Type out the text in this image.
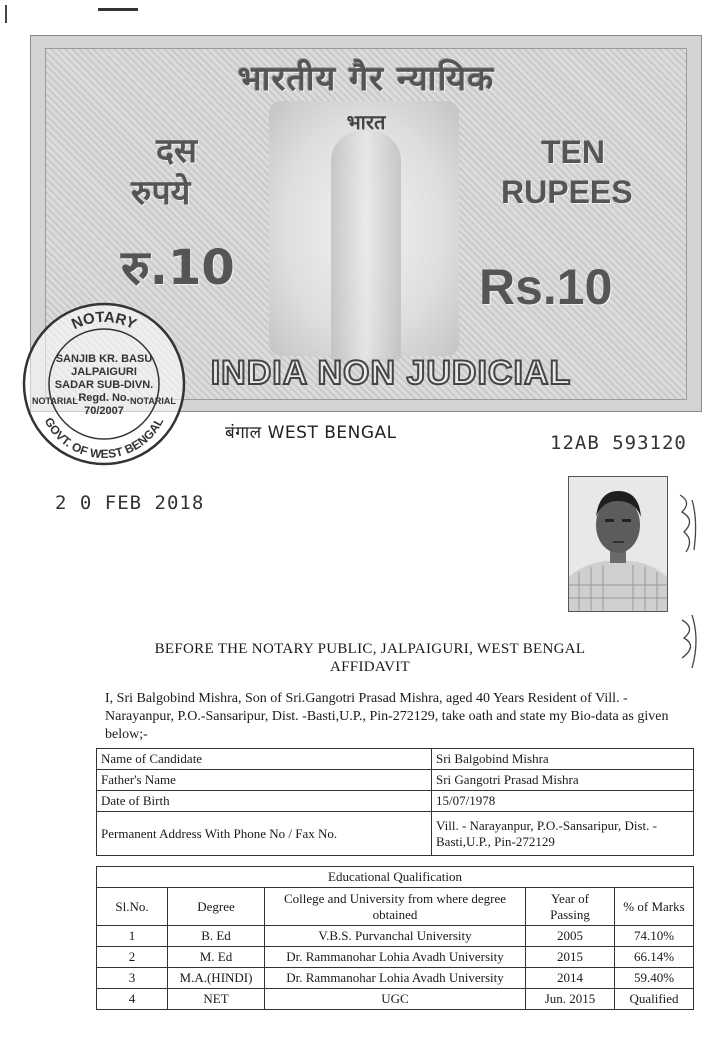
भारतीय गैर न्यायिक
भारत
दस
रुपये
TEN
RUPEES
रु.10	Rs.10
INDIA NON JUDICIAL
NOTARY
GOVT. OF WEST BENGAL
SANJIB KR. BASU
JALPAIGURI
SADAR SUB-DIVN.
Regd. No.
70/2007
NOTARIAL	NOTARIAL
बंगाल WEST BENGAL	12AB 593120
2 0 FEB 2018
BEFORE THE NOTARY PUBLIC, JALPAIGURI, WEST BENGAL
AFFIDAVIT
I, Sri Balgobind Mishra, Son of Sri.Gangotri Prasad Mishra, aged 40 Years Resident of Vill. - Narayanpur, P.O.-Sansaripur, Dist. -Basti,U.P., Pin-272129, take oath and state my Bio-data as given below;-
Name of Candidate	Sri Balgobind Mishra
Father's Name	Sri Gangotri Prasad Mishra
Date of Birth	15/07/1978
Permanent Address With Phone No / Fax No.	Vill. - Narayanpur, P.O.-Sansaripur, Dist. -Basti,U.P., Pin-272129
Educational Qualification				
Sl.No.	Degree	College and University from where degree obtained	Year of Passing	% of Marks
1	B. Ed	V.B.S. Purvanchal University	2005	74.10%
2	M. Ed	Dr. Rammanohar Lohia Avadh University	2015	66.14%
3	M.A.(HINDI)	Dr. Rammanohar Lohia Avadh University	2014	59.40%
4	NET	UGC	Jun. 2015	Qualified
